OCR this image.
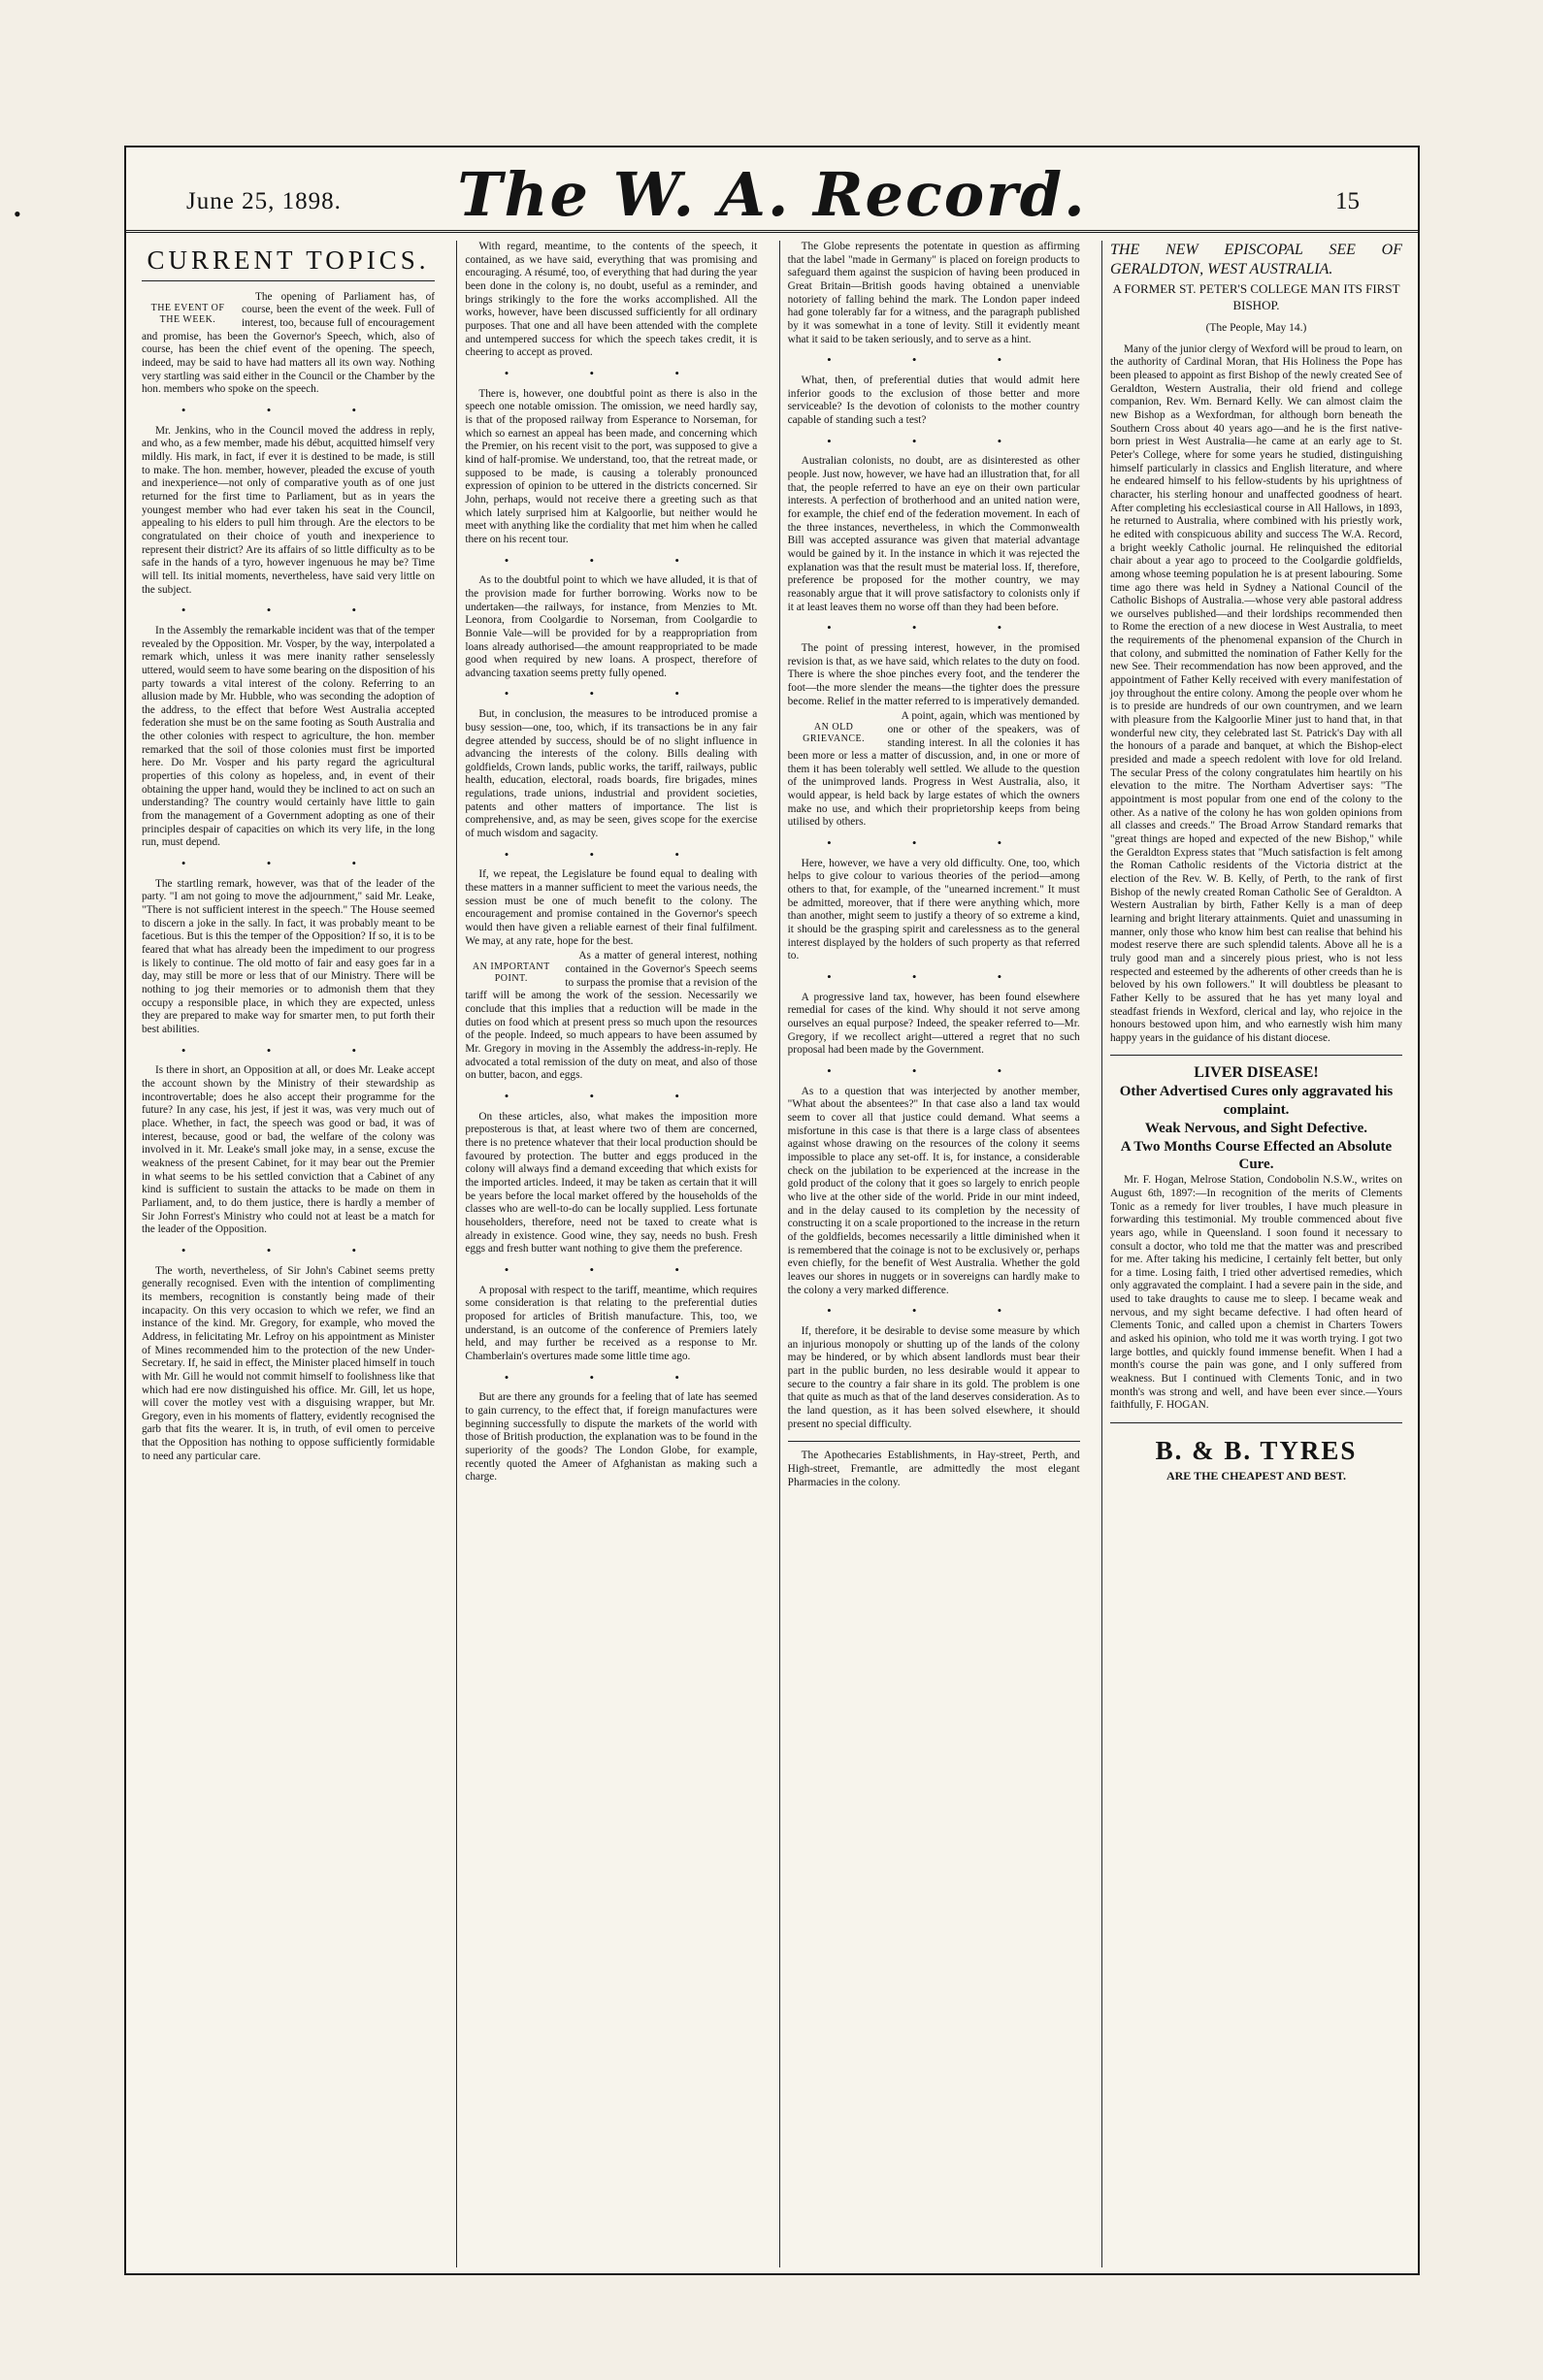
•	June 25, 1898.	The W. A. Record.	15
CURRENT TOPICS.
THE EVENT OF THE WEEK.

The opening of Parliament has, of course, been the event of the week. Full of interest, too, because full of encouragement and promise, has been the Governor's Speech, which, also of course, has been the chief event of the opening. The speech, indeed, may be said to have had matters all its own way. Nothing very startling was said either in the Council or the Chamber by the hon. members who spoke on the speech.

• • •

Mr. Jenkins, who in the Council moved the address in reply, and who, as a few member, made his début, acquitted himself very mildly. His mark, in fact, if ever it is destined to be made, is still to make. The hon. member, however, pleaded the excuse of youth and inexperience—not only of comparative youth as of one just returned for the first time to Parliament, but as in years the youngest member who had ever taken his seat in the Council, appealing to his elders to pull him through. Are the electors to be congratulated on their choice of youth and inexperience to represent their district? Are its affairs of so little difficulty as to be safe in the hands of a tyro, however ingenuous he may be? Time will tell. Its initial moments, nevertheless, have said very little on the subject.

• • •

In the Assembly the remarkable incident was that of the temper revealed by the Opposition. Mr. Vosper, by the way, interpolated a remark which, unless it was mere inanity rather senselessly uttered, would seem to have some bearing on the disposition of his party towards a vital interest of the colony. Referring to an allusion made by Mr. Hubble, who was seconding the adoption of the address, to the effect that before West Australia accepted federation she must be on the same footing as South Australia and the other colonies with respect to agriculture, the hon. member remarked that the soil of those colonies must first be imported here. Do Mr. Vosper and his party regard the agricultural properties of this colony as hopeless, and, in event of their obtaining the upper hand, would they be inclined to act on such an understanding? The country would certainly have little to gain from the management of a Government adopting as one of their principles despair of capacities on which its very life, in the long run, must depend.

• • •

The startling remark, however, was that of the leader of the party. "I am not going to move the adjournment," said Mr. Leake, "There is not sufficient interest in the speech." The House seemed to discern a joke in the sally. In fact, it was probably meant to be facetious. But is this the temper of the Opposition? If so, it is to be feared that what has already been the impediment to our progress is likely to continue. The old motto of fair and easy goes far in a day, may still be more or less that of our Ministry. There will be nothing to jog their memories or to admonish them that they occupy a responsible place, in which they are expected, unless they are prepared to make way for smarter men, to put forth their best abilities.

• • •

Is there in short, an Opposition at all, or does Mr. Leake accept the account shown by the Ministry of their stewardship as incontrovertable; does he also accept their programme for the future? In any case, his jest, if jest it was, was very much out of place. Whether, in fact, the speech was good or bad, it was of interest, because, good or bad, the welfare of the colony was involved in it. Mr. Leake's small joke may, in a sense, excuse the weakness of the present Cabinet, for it may bear out the Premier in what seems to be his settled conviction that a Cabinet of any kind is sufficient to sustain the attacks to be made on them in Parliament, and, to do them justice, there is hardly a member of Sir John Forrest's Ministry who could not at least be a match for the leader of the Opposition.

• • •

The worth, nevertheless, of Sir John's Cabinet seems pretty generally recognised. Even with the intention of complimenting its members, recognition is constantly being made of their incapacity. On this very occasion to which we refer, we find an instance of the kind. Mr. Gregory, for example, who moved the Address, in felicitating Mr. Lefroy on his appointment as Minister of Mines recommended him to the protection of the new Under-Secretary. If, he said in effect, the Minister placed himself in touch with Mr. Gill he would not commit himself to foolishness like that which had ere now distinguished his office. Mr. Gill, let us hope, will cover the motley vest with a disguising wrapper, but Mr. Gregory, even in his moments of flattery, evidently recognised the garb that fits the wearer. It is, in truth, of evil omen to perceive that the Opposition has nothing to oppose sufficiently formidable to need any particular care.

With regard, meantime, to the contents of the speech, it contained, as we have said, everything that was promising and encouraging. A résumé, too, of everything that had during the year been done in the colony is, no doubt, useful as a reminder, and brings strikingly to the fore the works accomplished. All the works, however, have been discussed sufficiently for all ordinary purposes. That one and all have been attended with the complete and untempered success for which the speech takes credit, it is cheering to accept as proved.

• • •

There is, however, one doubtful point as there is also in the speech one notable omission. The omission, we need hardly say, is that of the proposed railway from Esperance to Norseman, for which so earnest an appeal has been made, and concerning which the Premier, on his recent visit to the port, was supposed to give a kind of half-promise. We understand, too, that the retreat made, or supposed to be made, is causing a tolerably pronounced expression of opinion to be uttered in the districts concerned. Sir John, perhaps, would not receive there a greeting such as that which lately surprised him at Kalgoorlie, but neither would he meet with anything like the cordiality that met him when he called there on his recent tour.

• • •

As to the doubtful point to which we have alluded, it is that of the provision made for further borrowing. Works now to be undertaken—the railways, for instance, from Menzies to Mt. Leonora, from Coolgardie to Norseman, from Coolgardie to Bonnie Vale—will be provided for by a reappropriation from loans already authorised—the amount reappropriated to be made good when required by new loans. A prospect, therefore of advancing taxation seems pretty fully opened.

• • •

But, in conclusion, the measures to be introduced promise a busy session—one, too, which, if its transactions be in any fair degree attended by success, should be of no slight influence in advancing the interests of the colony. Bills dealing with goldfields, Crown lands, public works, the tariff, railways, public health, education, electoral, roads boards, fire brigades, mines regulations, trade unions, industrial and provident societies, patents and other matters of importance. The list is comprehensive, and, as may be seen, gives scope for the exercise of much wisdom and sagacity.

• • •

If, we repeat, the Legislature be found equal to dealing with these matters in a manner sufficient to meet the various needs, the session must be one of much benefit to the colony. The encouragement and promise contained in the Governor's speech would then have given a reliable earnest of their final fulfilment. We may, at any rate, hope for the best.

AN IMPORTANT POINT.

As a matter of general interest, nothing contained in the Governor's Speech seems to surpass the promise that a revision of the tariff will be among the work of the session. Necessarily we conclude that this implies that a reduction will be made in the duties on food which at present press so much upon the resources of the people. Indeed, so much appears to have been assumed by Mr. Gregory in moving in the Assembly the address-in-reply. He advocated a total remission of the duty on meat, and also of those on butter, bacon, and eggs.

• • •

On these articles, also, what makes the imposition more preposterous is that, at least where two of them are concerned, there is no pretence whatever that their local production should be favoured by protection. The butter and eggs produced in the colony will always find a demand exceeding that which exists for the imported articles. Indeed, it may be taken as certain that it will be years before the local market offered by the households of the classes who are well-to-do can be locally supplied. Less fortunate householders, therefore, need not be taxed to create what is already in existence. Good wine, they say, needs no bush. Fresh eggs and fresh butter want nothing to give them the preference.

• • •

A proposal with respect to the tariff, meantime, which requires some consideration is that relating to the preferential duties proposed for articles of British manufacture. This, too, we understand, is an outcome of the conference of Premiers lately held, and may further be received as a response to Mr. Chamberlain's overtures made some little time ago.

• • •

But are there any grounds for a feeling that of late has seemed to gain currency, to the effect that, if foreign manufactures were beginning successfully to dispute the markets of the world with those of British production, the explanation was to be found in the superiority of the goods? The London Globe, for example, recently quoted the Ameer of Afghanistan as making such a charge.

The Globe represents the potentate in question as affirming that the label "made in Germany" is placed on foreign products to safeguard them against the suspicion of having been produced in Great Britain—British goods having obtained a unenviable notoriety of falling behind the mark. The London paper indeed had gone tolerably far for a witness, and the paragraph published by it was somewhat in a tone of levity. Still it evidently meant what it said to be taken seriously, and to serve as a hint.

• • •

What, then, of preferential duties that would admit here inferior goods to the exclusion of those better and more serviceable? Is the devotion of colonists to the mother country capable of standing such a test?

• • •

Australian colonists, no doubt, are as disinterested as other people. Just now, however, we have had an illustration that, for all that, the people referred to have an eye on their own particular interests. A perfection of brotherhood and an united nation were, for example, the chief end of the federation movement. In each of the three instances, nevertheless, in which the Commonwealth Bill was accepted assurance was given that material advantage would be gained by it. In the instance in which it was rejected the explanation was that the result must be material loss. If, therefore, preference be proposed for the mother country, we may reasonably argue that it will prove satisfactory to colonists only if it at least leaves them no worse off than they had been before.

• • •

The point of pressing interest, however, in the promised revision is that, as we have said, which relates to the duty on food. There is where the shoe pinches every foot, and the tenderer the foot—the more slender the means—the tighter does the pressure become. Relief in the matter referred to is imperatively demanded.

AN OLD GRIEVANCE.

A point, again, which was mentioned by one or other of the speakers, was of standing interest. In all the colonies it has been more or less a matter of discussion, and, in one or more of them it has been tolerably well settled. We allude to the question of the unimproved lands. Progress in West Australia, also, it would appear, is held back by large estates of which the owners make no use, and which their proprietorship keeps from being utilised by others.

• • •

Here, however, we have a very old difficulty. One, too, which helps to give colour to various theories of the period—among others to that, for example, of the "unearned increment." It must be admitted, moreover, that if there were anything which, more than another, might seem to justify a theory of so extreme a kind, it should be the grasping spirit and carelessness as to the general interest displayed by the holders of such property as that referred to.

• • •

A progressive land tax, however, has been found elsewhere remedial for cases of the kind. Why should it not serve among ourselves an equal purpose? Indeed, the speaker referred to—Mr. Gregory, if we recollect aright—uttered a regret that no such proposal had been made by the Government.

• • •

As to a question that was interjected by another member, "What about the absentees?" In that case also a land tax would seem to cover all that justice could demand. What seems a misfortune in this case is that there is a large class of absentees against whose drawing on the resources of the colony it seems impossible to place any set-off. It is, for instance, a considerable check on the jubilation to be experienced at the increase in the gold product of the colony that it goes so largely to enrich people who live at the other side of the world. Pride in our mint indeed, and in the delay caused to its completion by the necessity of constructing it on a scale proportioned to the increase in the return of the goldfields, becomes necessarily a little diminished when it is remembered that the coinage is not to be exclusively or, perhaps even chiefly, for the benefit of West Australia. Whether the gold leaves our shores in nuggets or in sovereigns can hardly make to the colony a very marked difference.

• • •

If, therefore, it be desirable to devise some measure by which an injurious monopoly or shutting up of the lands of the colony may be hindered, or by which absent landlords must bear their part in the public burden, no less desirable would it appear to secure to the country a fair share in its gold. The problem is one that quite as much as that of the land deserves consideration. As to the land question, as it has been solved elsewhere, it should present no special difficulty.

The Apothecaries Establishments, in Hay-street, Perth, and High-street, Fremantle, are admittedly the most elegant Pharmacies in the colony.

THE NEW EPISCOPAL SEE OF GERALDTON, WEST AUSTRALIA.

A FORMER ST. PETER'S COLLEGE MAN ITS FIRST BISHOP.
(The People, May 14.)

Many of the junior clergy of Wexford will be proud to learn, on the authority of Cardinal Moran, that His Holiness the Pope has been pleased to appoint as first Bishop of the newly created See of Geraldton, Western Australia, their old friend and college companion, Rev. Wm. Bernard Kelly. We can almost claim the new Bishop as a Wexfordman, for although born beneath the Southern Cross about 40 years ago—and he is the first native-born priest in West Australia—he came at an early age to St. Peter's College, where for some years he studied, distinguishing himself particularly in classics and English literature, and where he endeared himself to his fellow-students by his uprightness of character, his sterling honour and unaffected goodness of heart. After completing his ecclesiastical course in All Hallows, in 1893, he returned to Australia, where combined with his priestly work, he edited with conspicuous ability and success The W.A. Record, a bright weekly Catholic journal. He relinquished the editorial chair about a year ago to proceed to the Coolgardie goldfields, among whose teeming population he is at present labouring. Some time ago there was held in Sydney a National Council of the Catholic Bishops of Australia.—whose very able pastoral address we ourselves published—and their lordships recommended then to Rome the erection of a new diocese in West Australia, to meet the requirements of the phenomenal expansion of the Church in that colony, and submitted the nomination of Father Kelly for the new See. Their recommendation has now been approved, and the appointment of Father Kelly received with every manifestation of joy throughout the entire colony. Among the people over whom he is to preside are hundreds of our own countrymen, and we learn with pleasure from the Kalgoorlie Miner just to hand that, in that wonderful new city, they celebrated last St. Patrick's Day with all the honours of a parade and banquet, at which the Bishop-elect presided and made a speech redolent with love for old Ireland. The secular Press of the colony congratulates him heartily on his elevation to the mitre. The Northam Advertiser says: "The appointment is most popular from one end of the colony to the other. As a native of the colony he has won golden opinions from all classes and creeds." The Broad Arrow Standard remarks that "great things are hoped and expected of the new Bishop," while the Geraldton Express states that "Much satisfaction is felt among the Roman Catholic residents of the Victoria district at the election of the Rev. W. B. Kelly, of Perth, to the rank of first Bishop of the newly created Roman Catholic See of Geraldton. A Western Australian by birth, Father Kelly is a man of deep learning and bright literary attainments. Quiet and unassuming in manner, only those who know him best can realise that behind his modest reserve there are such splendid talents. Above all he is a truly good man and a sincerely pious priest, who is not less respected and esteemed by the adherents of other creeds than he is beloved by his own followers." It will doubtless be pleasant to Father Kelly to be assured that he has yet many loyal and steadfast friends in Wexford, clerical and lay, who rejoice in the honours bestowed upon him, and who earnestly wish him many happy years in the guidance of his distant diocese.

LIVER DISEASE!
Other Advertised Cures only aggravated his complaint.
Weak Nervous, and Sight Defective.
A Two Months Course Effected an Absolute Cure.

Mr. F. Hogan, Melrose Station, Condobolin N.S.W., writes on August 6th, 1897:—In recognition of the merits of Clements Tonic as a remedy for liver troubles, I have much pleasure in forwarding this testimonial. My trouble commenced about five years ago, while in Queensland. I soon found it necessary to consult a doctor, who told me that the matter was and prescribed for me. After taking his medicine, I certainly felt better, but only for a time. Losing faith, I tried other advertised remedies, which only aggravated the complaint. I had a severe pain in the side, and used to take draughts to cause me to sleep. I became weak and nervous, and my sight became defective. I had often heard of Clements Tonic, and called upon a chemist in Charters Towers and asked his opinion, who told me it was worth trying. I got two large bottles, and quickly found immense benefit. When I had a month's course the pain was gone, and I only suffered from weakness. But I continued with Clements Tonic, and in two month's was strong and well, and have been ever since.—Yours faithfully, F. HOGAN.

B. & B. TYRES
ARE THE CHEAPEST AND BEST.
